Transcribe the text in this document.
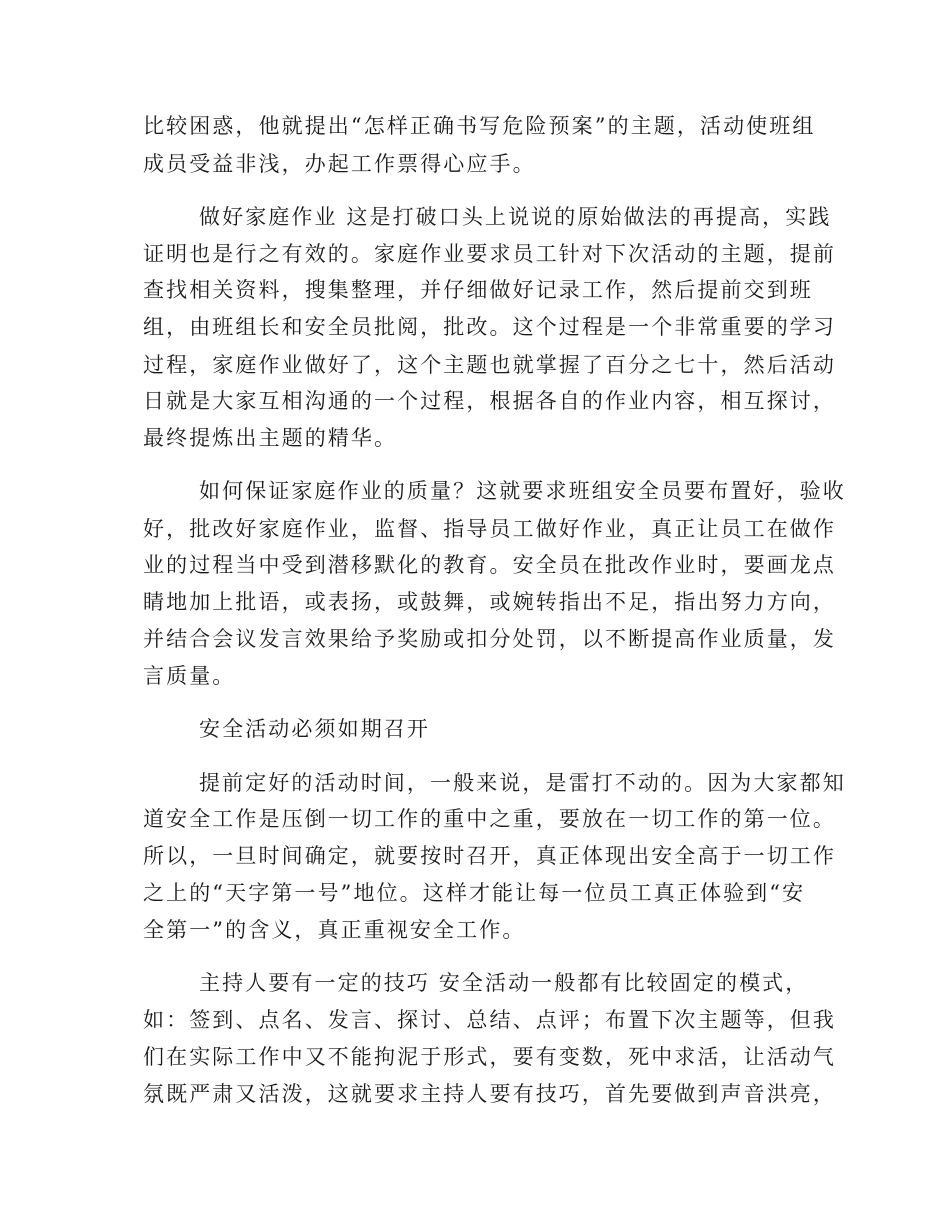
比较困惑，他就提出“怎样正确书写危险预案”的主题，活动使班组
成员受益非浅，办起工作票得心应手。
做好家庭作业 这是打破口头上说说的原始做法的再提高，实践
证明也是行之有效的。家庭作业要求员工针对下次活动的主题，提前
查找相关资料，搜集整理，并仔细做好记录工作，然后提前交到班
组，由班组长和安全员批阅，批改。这个过程是一个非常重要的学习
过程，家庭作业做好了，这个主题也就掌握了百分之七十，然后活动
日就是大家互相沟通的一个过程，根据各自的作业内容，相互探讨，
最终提炼出主题的精华。
如何保证家庭作业的质量？这就要求班组安全员要布置好，验收
好，批改好家庭作业，监督、指导员工做好作业，真正让员工在做作
业的过程当中受到潜移默化的教育。安全员在批改作业时，要画龙点
睛地加上批语，或表扬，或鼓舞，或婉转指出不足，指出努力方向，
并结合会议发言效果给予奖励或扣分处罚，以不断提高作业质量，发
言质量。
安全活动必须如期召开
提前定好的活动时间，一般来说，是雷打不动的。因为大家都知
道安全工作是压倒一切工作的重中之重，要放在一切工作的第一位。
所以，一旦时间确定，就要按时召开，真正体现出安全高于一切工作
之上的“天字第一号”地位。这样才能让每一位员工真正体验到“安
全第一”的含义，真正重视安全工作。
主持人要有一定的技巧 安全活动一般都有比较固定的模式，
如：签到、点名、发言、探讨、总结、点评；布置下次主题等，但我
们在实际工作中又不能拘泥于形式，要有变数，死中求活，让活动气
氛既严肃又活泼，这就要求主持人要有技巧，首先要做到声音洪亮，
